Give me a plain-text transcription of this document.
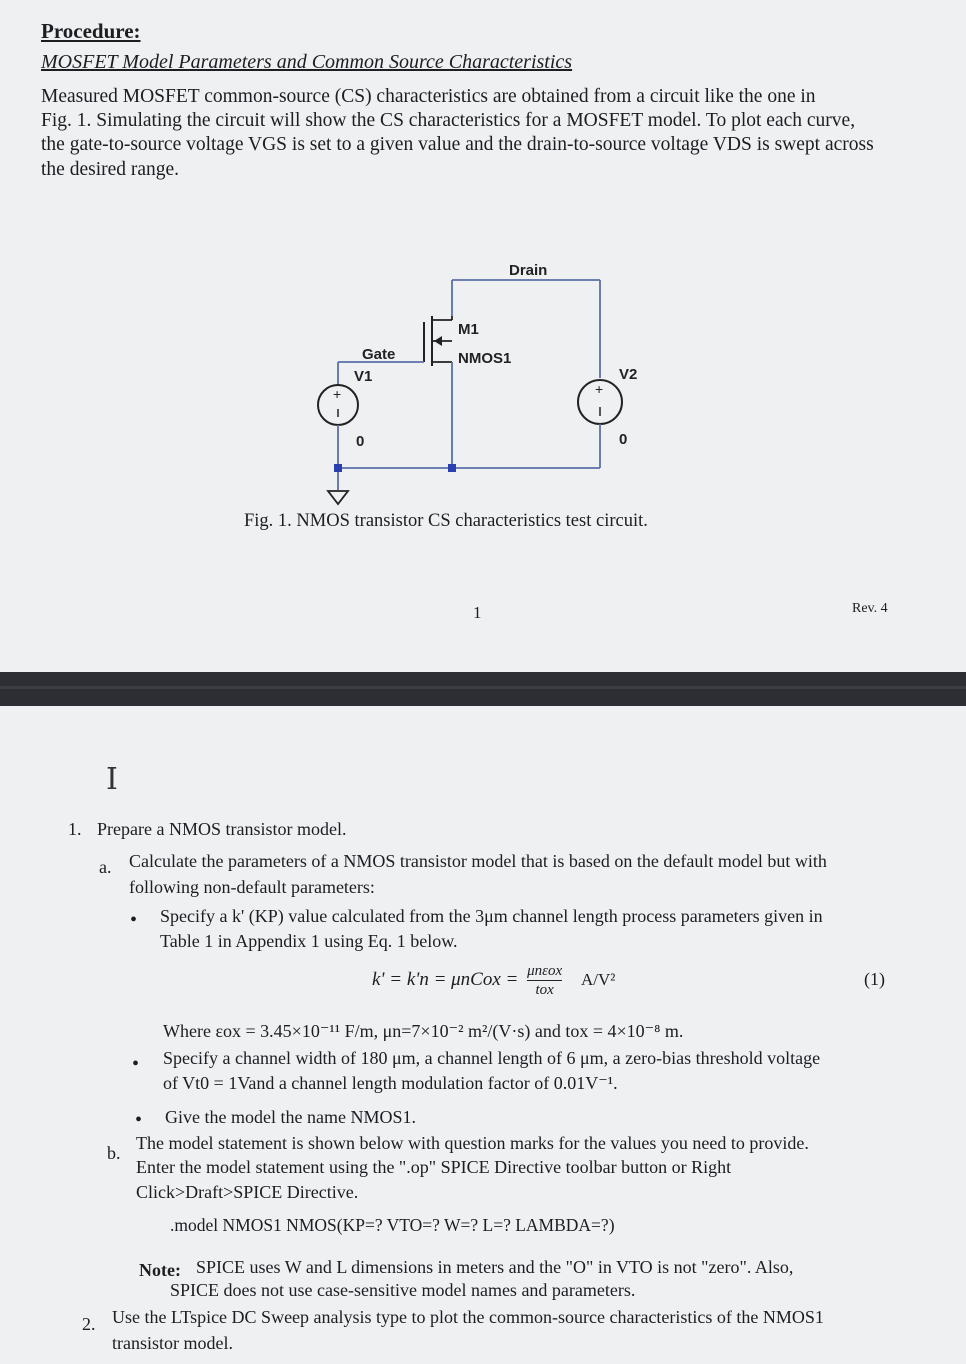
Procedure:
MOSFET Model Parameters and Common Source Characteristics
Measured MOSFET common-source (CS) characteristics are obtained from a circuit like the one in
Fig. 1. Simulating the circuit will show the CS characteristics for a MOSFET model. To plot each curve,
the gate-to-source voltage VGS is set to a given value and the drain-to-source voltage VDS is swept across
the desired range.
+	+
Drain
Gate
M1
NMOS1
V1	V2
0	0
Fig. 1. NMOS transistor CS characteristics test circuit.
1	Rev. 4
I
1. Prepare a NMOS transistor model.
a. Calculate the parameters of a NMOS transistor model that is based on the default model but with
following non-default parameters:
• Specify a k' (KP) value calculated from the 3μm channel length process parameters given in
Table 1 in Appendix 1 using Eq. 1 below.
k' = k'n = μnCox = $\frac{\text{μnεox}}{\text{tox}} A/V^2$	(1)
Where εox = 3.45×10⁻¹¹ F/m, μn=7×10⁻² m²/(V·s) and tox = 4×10⁻⁸ m.
• Specify a channel width of 180 μm, a channel length of 6 μm, a zero-bias threshold voltage
of Vt0 = 1Vand a channel length modulation factor of 0.01V⁻¹.
• Give the model the name NMOS1.
b. The model statement is shown below with question marks for the values you need to provide.
Enter the model statement using the ".op" SPICE Directive toolbar button or Right
Click>Draft>SPICE Directive.
.model NMOS1 NMOS(KP=? VTO=? W=? L=? LAMBDA=?)
Note: SPICE uses W and L dimensions in meters and the "O" in VTO is not "zero". Also,
SPICE does not use case-sensitive model names and parameters.
2. Use the LTspice DC Sweep analysis type to plot the common-source characteristics of the NMOS1
transistor model.
